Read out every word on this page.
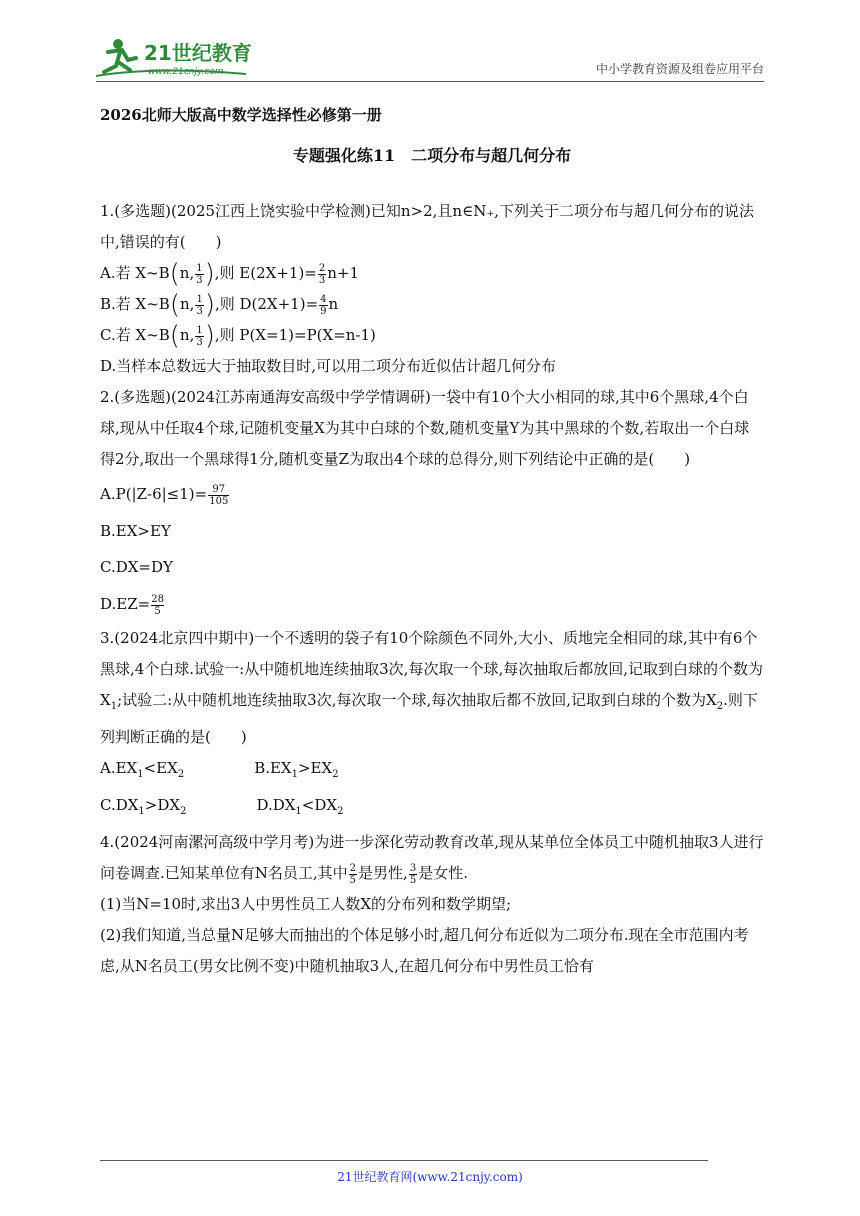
21世纪教育
www.21cnjy.com	中小学教育资源及组卷应用平台
2026北师大版高中数学选择性必修第一册
专题强化练11　二项分布与超几何分布

1.(多选题)(2025江西上饶实验中学检测)已知n>2,且n∈N₊,下列关于二项分布与超几何分布的说法中,错误的有(　　)

A.若 X~B(n, $\frac{1}{3}$ ),则 $E(2X+1)= \frac{2}{3} n+1$
B.若 X~B(n, $\frac{1}{3}$ ),则 $D(2X+1)= \frac{4}{9}$ n
C.若 X~B(n, $\frac{1}{3}$ ),则 P(X=1)=P(X=n-1)

D.当样本总数远大于抽取数目时,可以用二项分布近似估计超几何分布

2.(多选题)(2024江苏南通海安高级中学学情调研)一袋中有10个大小相同的球,其中6个黑球,4个白球,现从中任取4个球,记随机变量X为其中白球的个数,随机变量Y为其中黑球的个数,若取出一个白球得2分,取出一个黑球得1分,随机变量Z为取出4个球的总得分,则下列结论中正确的是(　　)

$A.P(|Z-6|\le 1)= \frac{97}{105}$
B.EX>EY
C.DX=DY
$D.EZ= \frac{28}{5}$

3.(2024北京四中期中)一个不透明的袋子有10个除颜色不同外,大小、质地完全相同的球,其中有6个黑球,4个白球.试验一:从中随机地连续抽取3次,每次取一个球,每次抽取后都放回,记取到白球的个数为$X_1$;试验二:从中随机地连续抽取3次,每次取一个球,每次抽取后都不放回,记取到白球的个数为$X_2$.则下列判断正确的是(　　)

$A.EX_1<EX_2$	$B.EX_1>EX_2$
$C.DX_1>DX_2$	$D.DX_1<DX_2$

4.(2024河南漯河高级中学月考)为进一步深化劳动教育改革,现从某单位全体员工中随机抽取3人进行问卷调查.已知某单位有N名员工,其中 $\frac{2}{5}$ 是男性, $\frac{3}{5}$ 是女性.

(1)当N=10时,求出3人中男性员工人数X的分布列和数学期望;

(2)我们知道,当总量N足够大而抽出的个体足够小时,超几何分布近似为二项分布.现在全市范围内考虑,从N名员工(男女比例不变)中随机抽取3人,在超几何分布中男性员工恰有

21世纪教育网(www.21cnjy.com)
